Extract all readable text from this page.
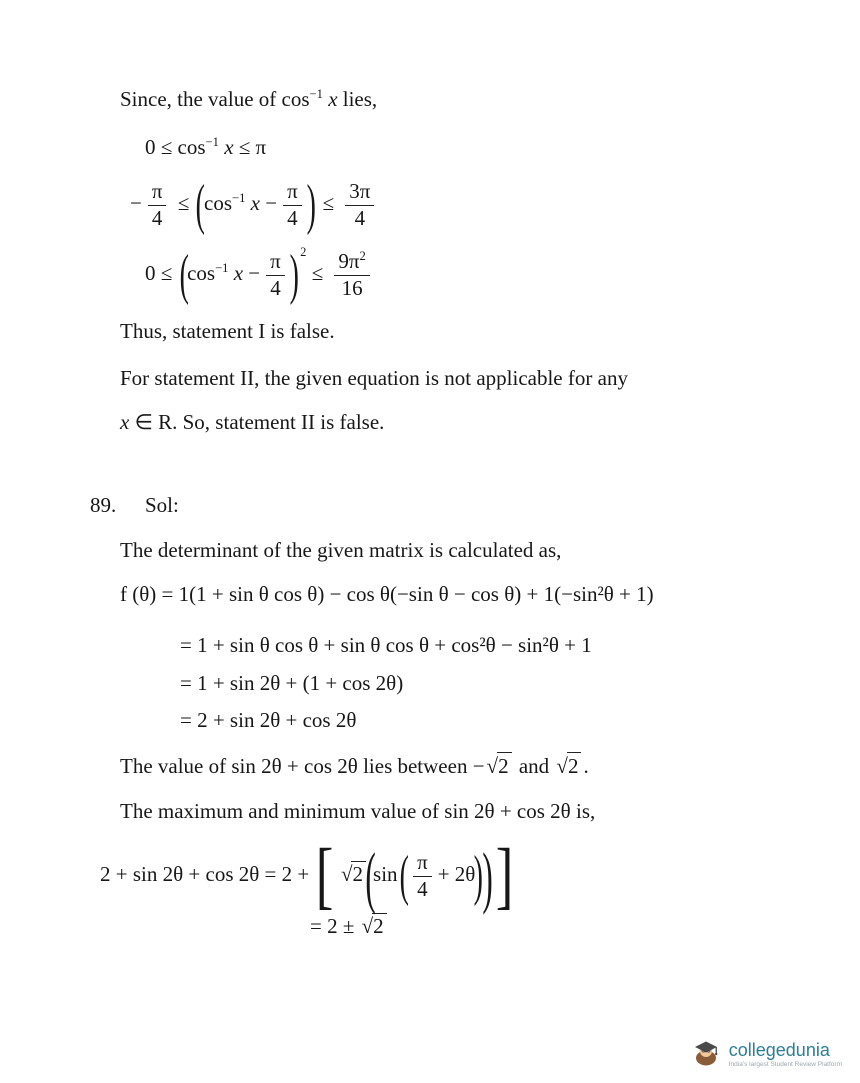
Since, the value of $\cos^{-1} x$ lies,

$0 \le \cos^{-1} x \le \pi$
− $\frac{\pi}{4} \le (\cos^{-1}$ $x - \frac{\pi}{4}$ ) ≤ $\frac{3\pi}{4}$
$0 \le (\cos^{-1}$ $x - \frac{\pi}{4}$ ) $^2 \le \frac{9\pi^2}{16}$

Thus, statement I is false.

For statement II, the given equation is not applicable for any

x ∈ R. So, statement II is false.

89. Sol:

The determinant of the given matrix is calculated as,

f (θ) = 1(1 + sin θ cos θ) − cos θ(−sin θ − cos θ) + 1(−sin²θ + 1)
= 1 + sin θ cos θ + sin θ cos θ + cos²θ − sin²θ + 1
= 1 + sin 2θ + (1 + cos 2θ)
= 2 + sin 2θ + cos 2θ

The value of sin 2θ + cos 2θ lies between − √ 2 and √ 2 .

The maximum and minimum value of sin 2θ + cos 2θ is,

2 + sin 2θ + cos 2θ = 2 + [ √ 2 $(\sin( \frac{\pi}{4} + 2\theta))$ ]
= 2 ± √ 2
collegedunia
India's largest Student Review Platform
